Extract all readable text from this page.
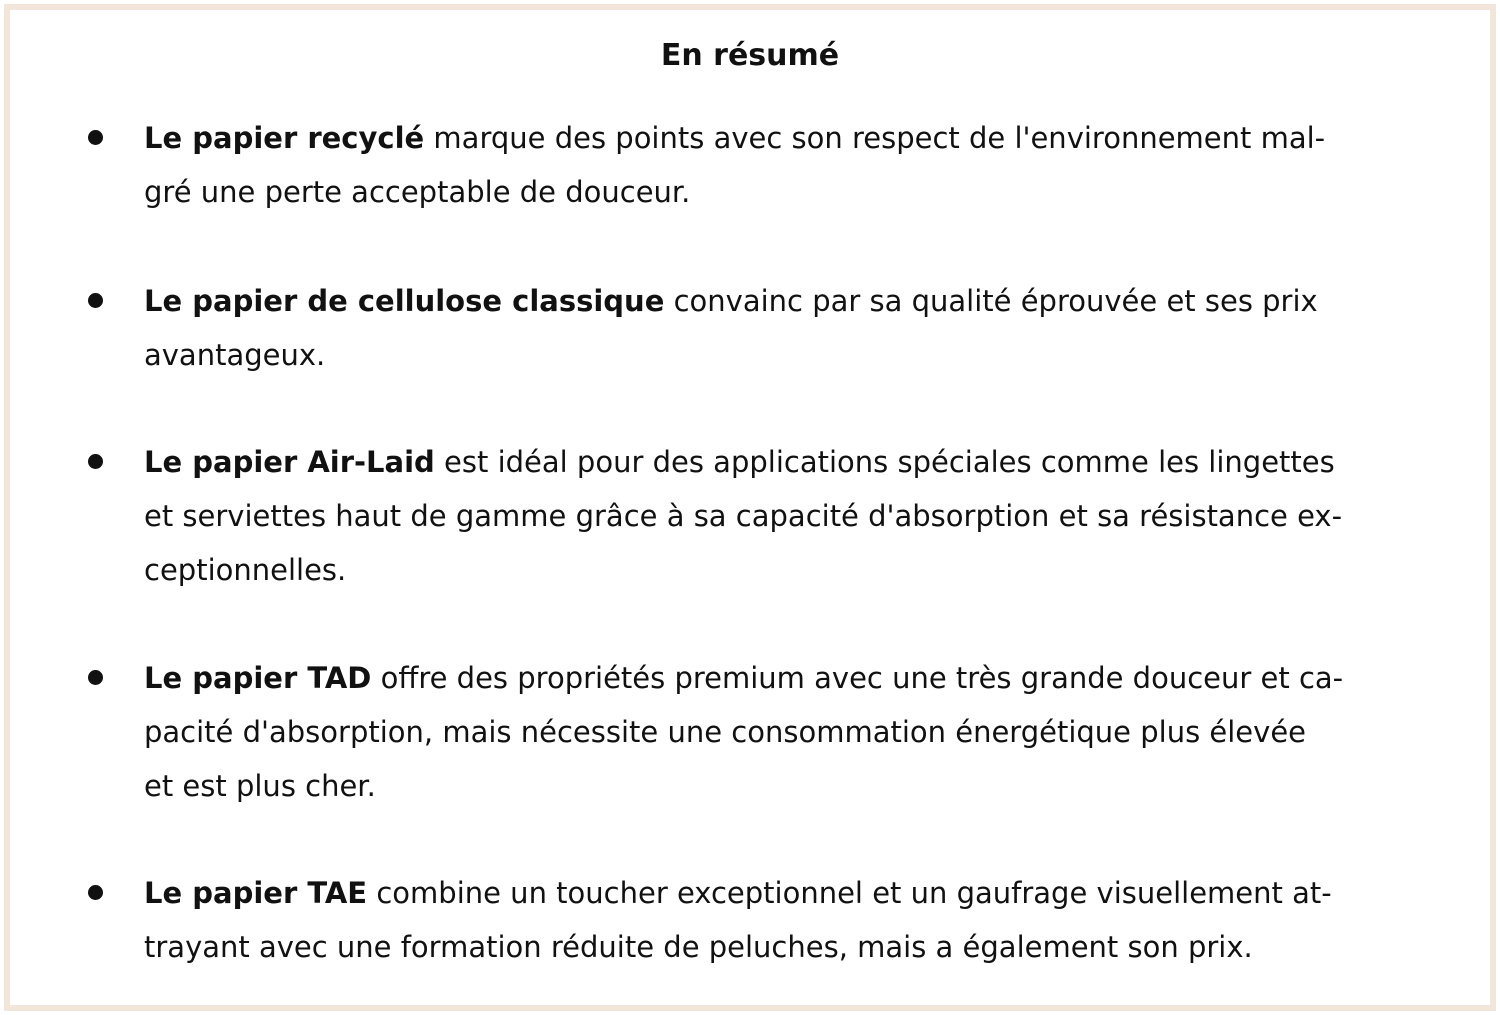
En résumé
Le papier recyclé marque des points avec son respect de l'environnement mal-
gré une perte acceptable de douceur.
Le papier de cellulose classique convainc par sa qualité éprouvée et ses prix
avantageux.
Le papier Air-Laid est idéal pour des applications spéciales comme les lingettes
et serviettes haut de gamme grâce à sa capacité d'absorption et sa résistance ex-
ceptionnelles.
Le papier TAD offre des propriétés premium avec une très grande douceur et ca-
pacité d'absorption, mais nécessite une consommation énergétique plus élevée
et est plus cher.
Le papier TAE combine un toucher exceptionnel et un gaufrage visuellement at-
trayant avec une formation réduite de peluches, mais a également son prix.
